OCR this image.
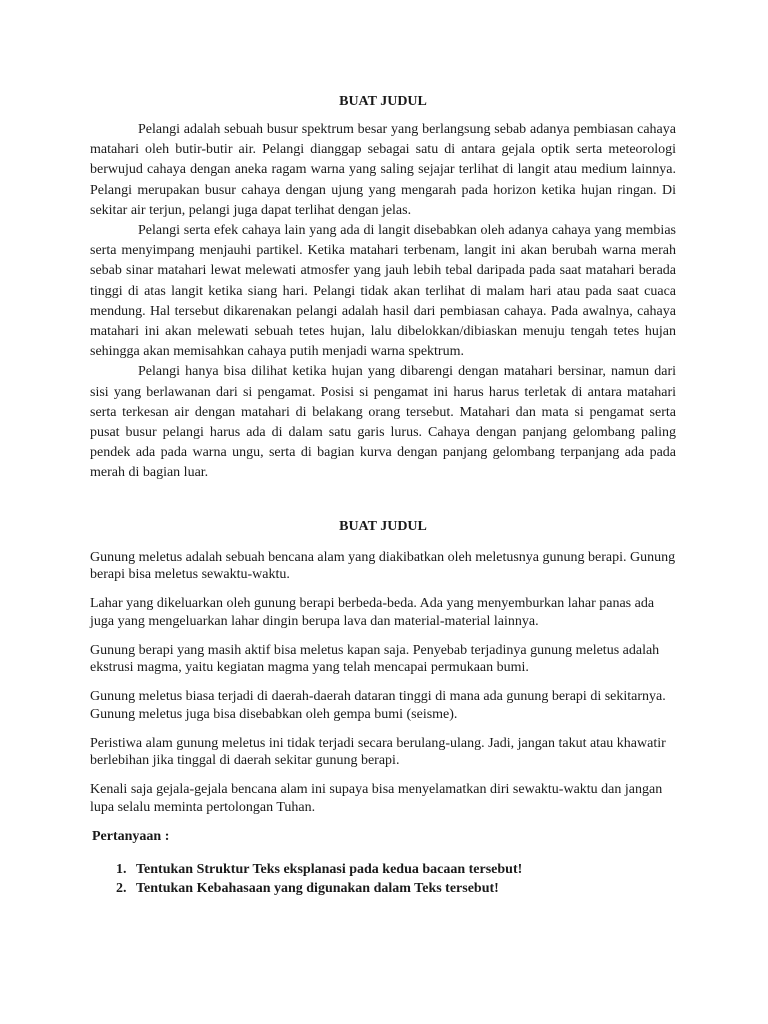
BUAT JUDUL

Pelangi adalah sebuah busur spektrum besar yang berlangsung sebab adanya pembiasan cahaya matahari oleh butir-butir air. Pelangi dianggap sebagai satu di antara gejala optik serta meteorologi berwujud cahaya dengan aneka ragam warna yang saling sejajar terlihat di langit atau medium lainnya. Pelangi merupakan busur cahaya dengan ujung yang mengarah pada horizon ketika hujan ringan. Di sekitar air terjun, pelangi juga dapat terlihat dengan jelas.

Pelangi serta efek cahaya lain yang ada di langit disebabkan oleh adanya cahaya yang membias serta menyimpang menjauhi partikel. Ketika matahari terbenam, langit ini akan berubah warna merah sebab sinar matahari lewat melewati atmosfer yang jauh lebih tebal daripada pada saat matahari berada tinggi di atas langit ketika siang hari. Pelangi tidak akan terlihat di malam hari atau pada saat cuaca mendung. Hal tersebut dikarenakan pelangi adalah hasil dari pembiasan cahaya. Pada awalnya, cahaya matahari ini akan melewati sebuah tetes hujan, lalu dibelokkan/dibiaskan menuju tengah tetes hujan sehingga akan memisahkan cahaya putih menjadi warna spektrum.

Pelangi hanya bisa dilihat ketika hujan yang dibarengi dengan matahari bersinar, namun dari sisi yang berlawanan dari si pengamat. Posisi si pengamat ini harus harus terletak di antara matahari serta terkesan air dengan matahari di belakang orang tersebut. Matahari dan mata si pengamat serta pusat busur pelangi harus ada di dalam satu garis lurus. Cahaya dengan panjang gelombang paling pendek ada pada warna ungu, serta di bagian kurva dengan panjang gelombang terpanjang ada pada merah di bagian luar.

BUAT JUDUL

Gunung meletus adalah sebuah bencana alam yang diakibatkan oleh meletusnya gunung berapi. Gunung berapi bisa meletus sewaktu-waktu.

Lahar yang dikeluarkan oleh gunung berapi berbeda-beda. Ada yang menyemburkan lahar panas ada juga yang mengeluarkan lahar dingin berupa lava dan material-material lainnya.

Gunung berapi yang masih aktif bisa meletus kapan saja. Penyebab terjadinya gunung meletus adalah ekstrusi magma, yaitu kegiatan magma yang telah mencapai permukaan bumi.

Gunung meletus biasa terjadi di daerah-daerah dataran tinggi di mana ada gunung berapi di sekitarnya. Gunung meletus juga bisa disebabkan oleh gempa bumi (seisme).

Peristiwa alam gunung meletus ini tidak terjadi secara berulang-ulang. Jadi, jangan takut atau khawatir berlebihan jika tinggal di daerah sekitar gunung berapi.

Kenali saja gejala-gejala bencana alam ini supaya bisa menyelamatkan diri sewaktu-waktu dan jangan lupa selalu meminta pertolongan Tuhan.

Pertanyaan :
1. Tentukan Struktur Teks eksplanasi pada kedua bacaan tersebut!
2. Tentukan Kebahasaan yang digunakan dalam Teks tersebut!
